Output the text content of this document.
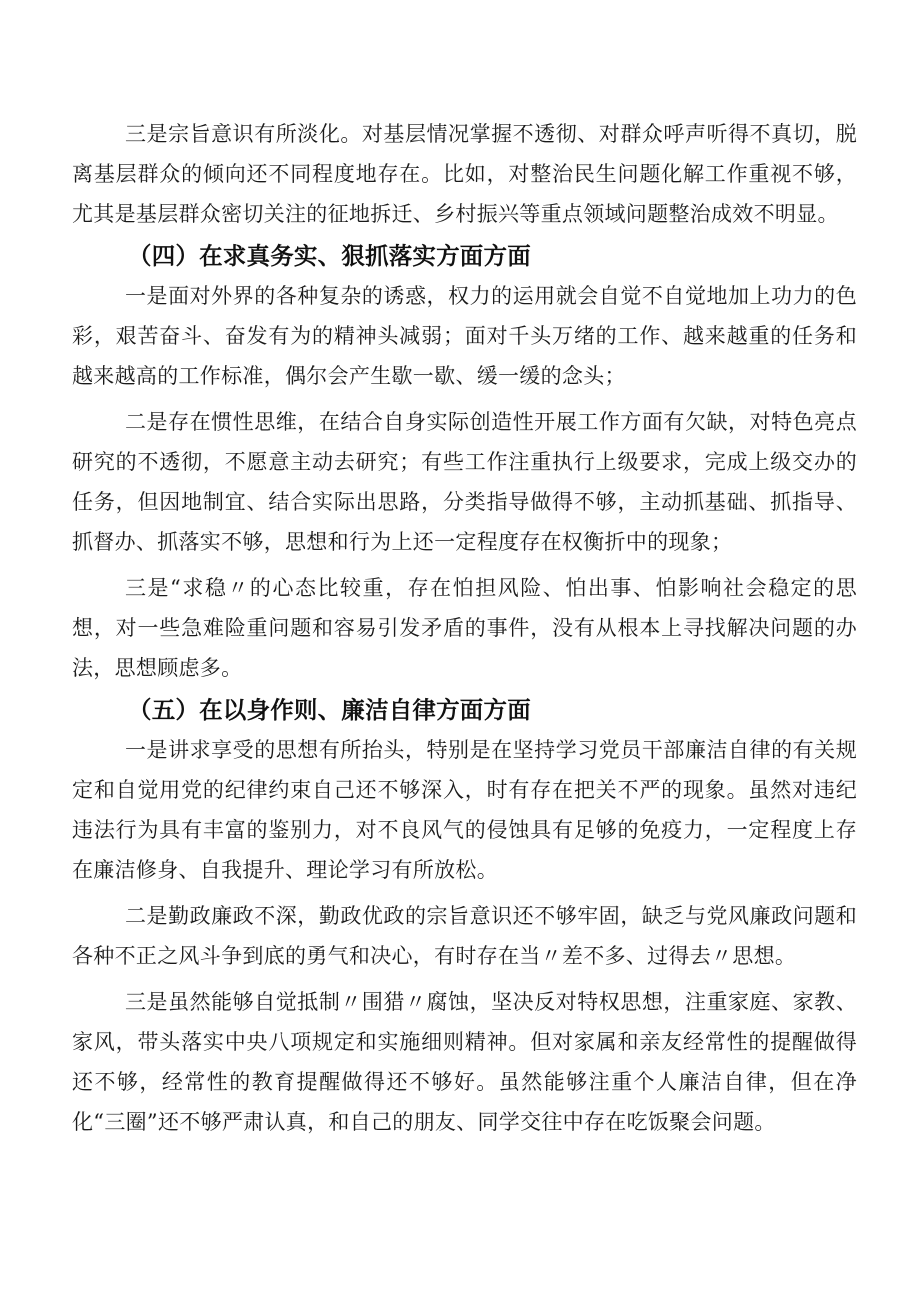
三是宗旨意识有所淡化。对基层情况掌握不透彻、对群众呼声听得不真切，脱离基层群众的倾向还不同程度地存在。比如，对整治民生问题化解工作重视不够，尤其是基层群众密切关注的征地拆迁、乡村振兴等重点领域问题整治成效不明显。

（四）在求真务实、狠抓落实方面方面

一是面对外界的各种复杂的诱惑，权力的运用就会自觉不自觉地加上功力的色彩，艰苦奋斗、奋发有为的精神头减弱；面对千头万绪的工作、越来越重的任务和越来越高的工作标准，偶尔会产生歇一歇、缓一缓的念头；

二是存在惯性思维，在结合自身实际创造性开展工作方面有欠缺，对特色亮点研究的不透彻，不愿意主动去研究；有些工作注重执行上级要求，完成上级交办的任务，但因地制宜、结合实际出思路，分类指导做得不够，主动抓基础、抓指导、抓督办、抓落实不够，思想和行为上还一定程度存在权衡折中的现象；

三是“求稳〃的心态比较重，存在怕担风险、怕出事、怕影响社会稳定的思想，对一些急难险重问题和容易引发矛盾的事件，没有从根本上寻找解决问题的办法，思想顾虑多。

（五）在以身作则、廉洁自律方面方面

一是讲求享受的思想有所抬头，特别是在坚持学习党员干部廉洁自律的有关规定和自觉用党的纪律约束自己还不够深入，时有存在把关不严的现象。虽然对违纪违法行为具有丰富的鉴别力，对不良风气的侵蚀具有足够的免疫力，一定程度上存在廉洁修身、自我提升、理论学习有所放松。

二是勤政廉政不深，勤政优政的宗旨意识还不够牢固，缺乏与党风廉政问题和各种不正之风斗争到底的勇气和决心，有时存在当〃差不多、过得去〃思想。

三是虽然能够自觉抵制〃围猎〃腐蚀，坚决反对特权思想，注重家庭、家教、家风，带头落实中央八项规定和实施细则精神。但对家属和亲友经常性的提醒做得还不够，经常性的教育提醒做得还不够好。虽然能够注重个人廉洁自律，但在净化“三圈”还不够严肃认真，和自己的朋友、同学交往中存在吃饭聚会问题。
